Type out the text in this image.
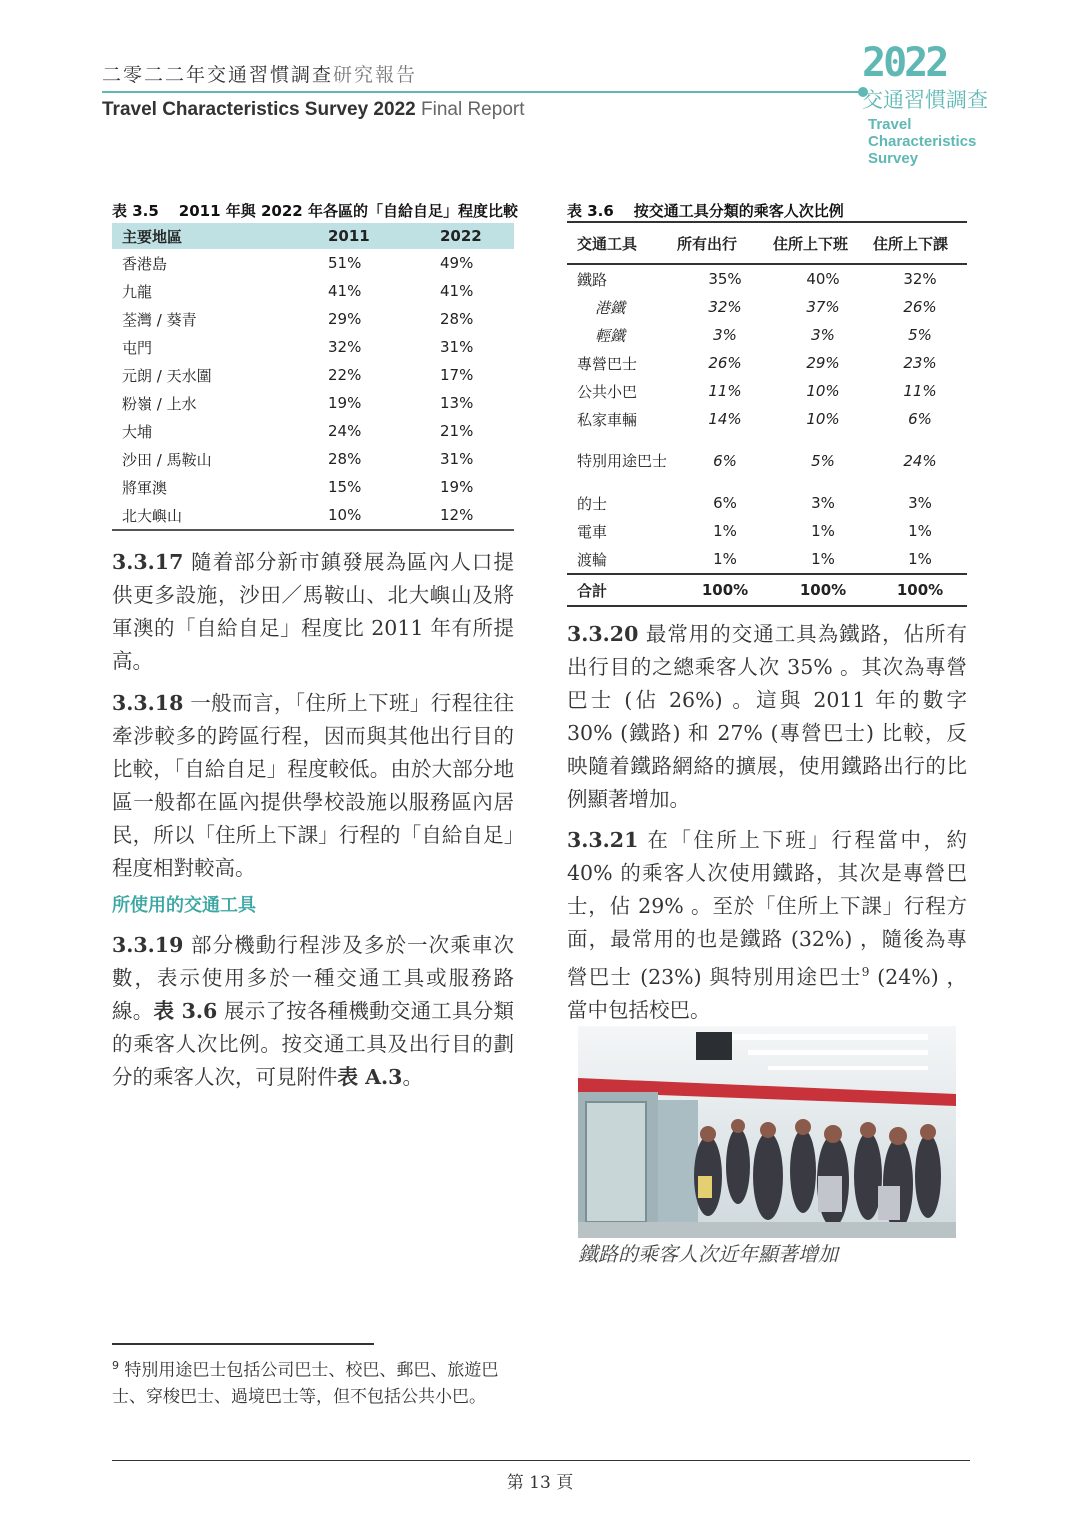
二零二二年交通習慣調查研究報告
Travel Characteristics Survey 2022 Final Report
2022
交通習慣調查
Travel
Characteristics
Survey
表 3.5 2011 年與 2022 年各區的「自給自足」程度比較
主要地區	2011	2022
香港島	51%	49%
九龍	41%	41%
荃灣 / 葵青	29%	28%
屯門	32%	31%
元朗 / 天水圍	22%	17%
粉嶺 / 上水	19%	13%
大埔	24%	21%
沙田 / 馬鞍山	28%	31%
將軍澳	15%	19%
北大嶼山	10%	12%
表 3.6 按交通工具分類的乘客人次比例
交通工具	所有出行	住所上下班	住所上下課
鐵路	35%	40%	32%
港鐵	32%	37%	26%
輕鐵	3%	3%	5%
專營巴士	26%	29%	23%
公共小巴	11%	10%	11%
私家車輛	14%	10%	6%
特別用途巴士	6%	5%	24%
的士	6%	3%	3%
電車	1%	1%	1%
渡輪	1%	1%	1%
合計	100%	100%	100%
3.3.17 隨着部分新市鎮發展為區內人口提供更多設施，沙田／馬鞍山、北大嶼山及將軍澳的「自給自足」程度比 2011 年有所提高。
3.3.18 一般而言，「住所上下班」行程往往牽涉較多的跨區行程，因而與其他出行目的比較，「自給自足」程度較低。由於大部分地區一般都在區內提供學校設施以服務區內居民，所以「住所上下課」行程的「自給自足」程度相對較高。
所使用的交通工具
3.3.19 部分機動行程涉及多於一次乘車次數，表示使用多於一種交通工具或服務路線。表 3.6 展示了按各種機動交通工具分類的乘客人次比例。按交通工具及出行目的劃分的乘客人次，可見附件表 A.3。
3.3.20 最常用的交通工具為鐵路，佔所有出行目的之總乘客人次 35% 。其次為專營巴士 (佔 26%) 。這與 2011 年的數字 30% (鐵路) 和 27% (專營巴士) 比較，反映隨着鐵路網絡的擴展，使用鐵路出行的比例顯著增加。
3.3.21 在「住所上下班」行程當中，約 40% 的乘客人次使用鐵路，其次是專營巴士，佔 29% 。至於「住所上下課」行程方面，最常用的也是鐵路 (32%) ，隨後為專營巴士 (23%) 與特別用途巴士$^9$ (24%) ，當中包括校巴。
鐵路的乘客人次近年顯著增加
$^9$ 特別用途巴士包括公司巴士、校巴、郵巴、旅遊巴士、穿梭巴士、過境巴士等，但不包括公共小巴。
第 13 頁
